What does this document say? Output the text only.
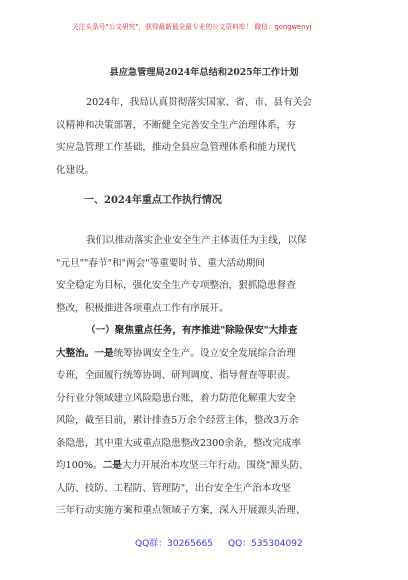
关注头条号"公文研究"，获得最新最全最专业的公文资料库！ 微信：gongwenyj
县应急管理局2024年总结和2025年工作计划
2024年，我局认真贯彻落实国家、省、市、县有关会
议精神和决策部署，不断健全完善安全生产治理体系，夯
实应急管理工作基础，推动全县应急管理体系和能力现代
化建设。
一、2024年重点工作执行情况
我们以推动落实企业安全生产主体责任为主线，以保
"元旦""春节"和"两会"等重要时节、重大活动期间
安全稳定为目标，强化安全生产专项整治，狠抓隐患督查
整改，积极推进各项重点工作有序展开。
（一）聚焦重点任务，有序推进"除险保安"大排查
大整治。一是统筹协调安全生产。设立安全发展综合治理
专班，全面履行统筹协调、研判调度、指导督查等职责。
分行业分领域建立风险隐患台账，着力防范化解重大安全
风险，截至目前，累计排查5万余个经营主体，整改3万余
条隐患，其中重大或重点隐患整改2300余条，整改完成率
均100%。二是大力开展治本攻坚三年行动。围绕"源头防、
人防、技防、工程防、管理防"，出台安全生产治本攻坚
三年行动实施方案和重点领域子方案，深入开展源头治理、
QQ群：30265665 QQ：535304092
